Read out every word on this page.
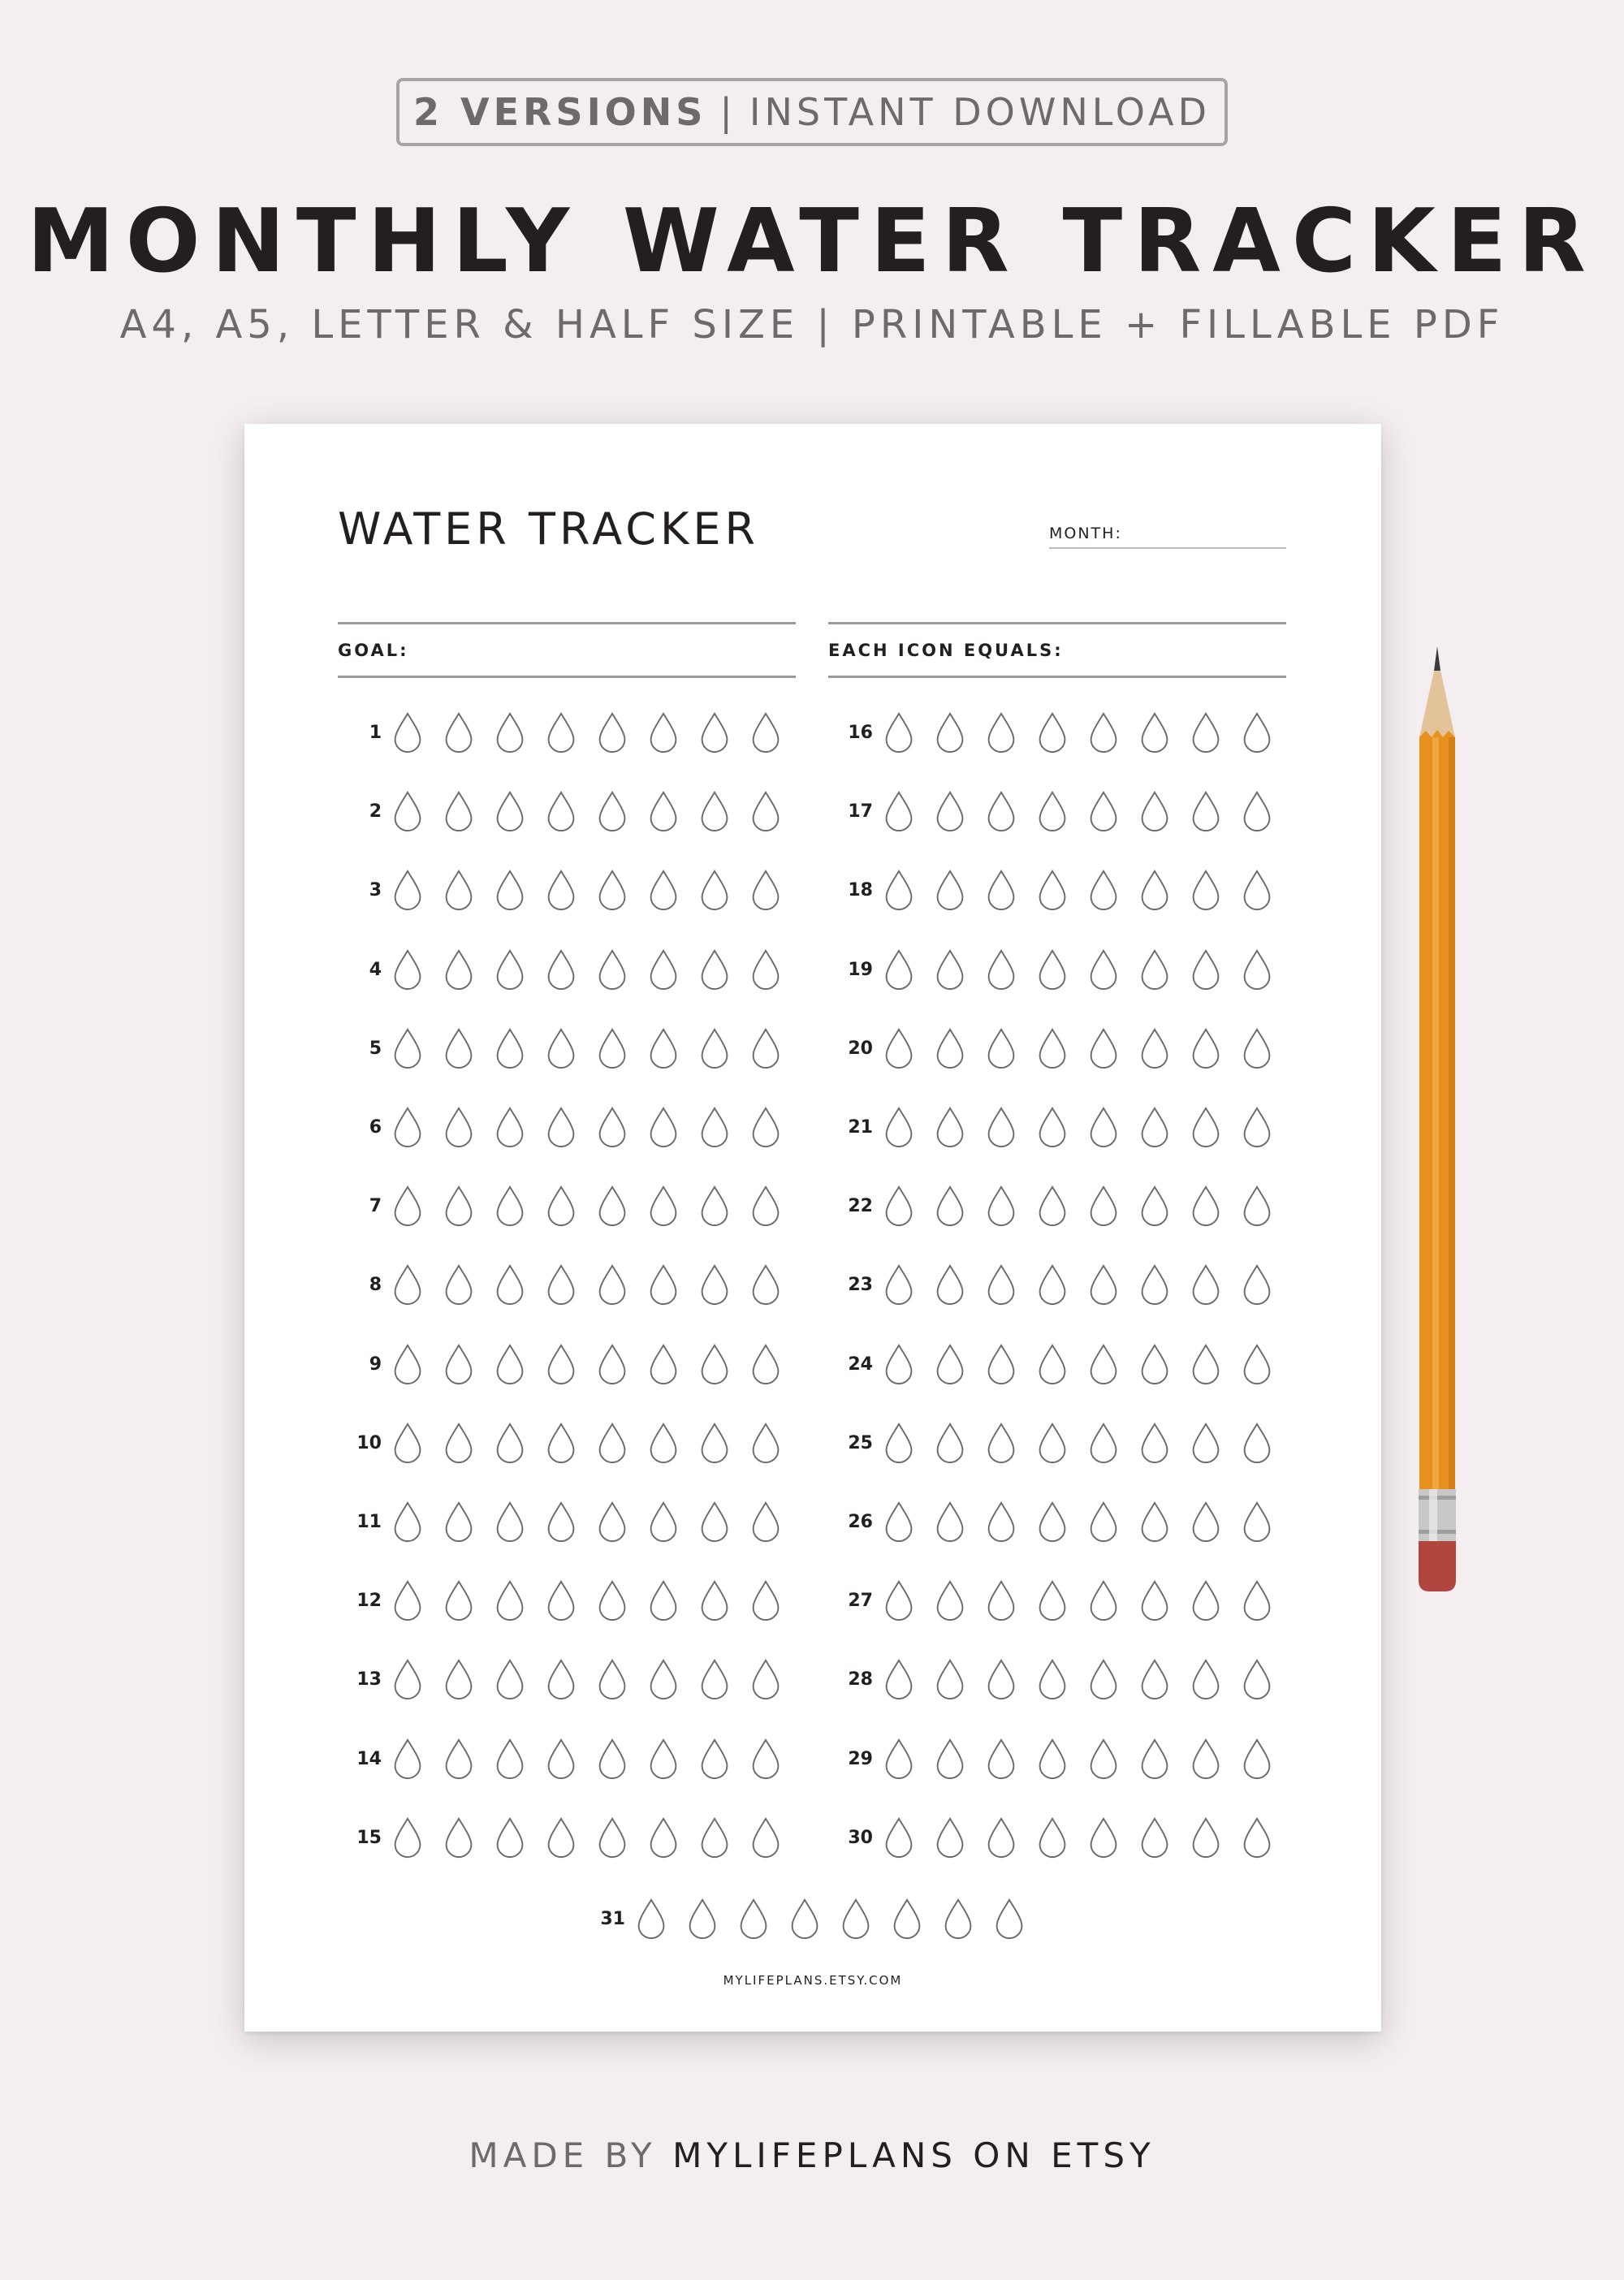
2 VERSIONS | INSTANT DOWNLOAD
MONTHLY WATER TRACKER
A4, A5, LETTER & HALF SIZE | PRINTABLE + FILLABLE PDF
WATER TRACKER	MONTH:
GOAL:	EACH ICON EQUALS:
1
2
3
4
5
6
7
8
9
10
11
12
13
14
15
16
17
18
19
20
21
22
23
24
25
26
27
28
29
30
31
MYLIFEPLANS.ETSY.COM
MADE BY MYLIFEPLANS ON ETSY
